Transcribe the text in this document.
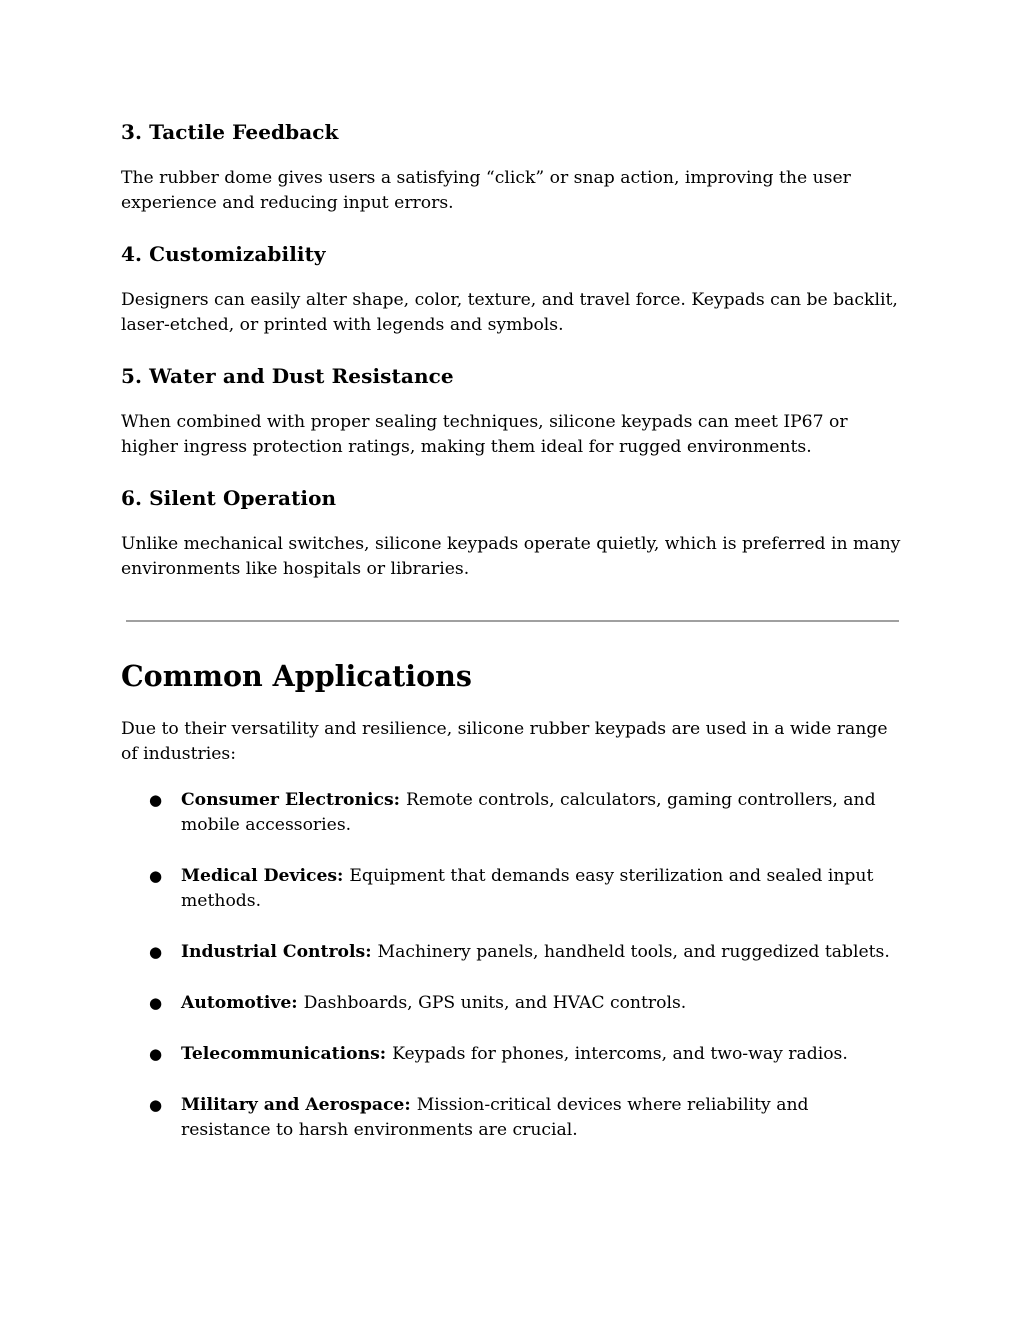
3. Tactile Feedback

The rubber dome gives users a satisfying “click” or snap action, improving the user experience and reducing input errors.

4. Customizability

Designers can easily alter shape, color, texture, and travel force. Keypads can be backlit, laser-etched, or printed with legends and symbols.

5. Water and Dust Resistance

When combined with proper sealing techniques, silicone keypads can meet IP67 or higher ingress protection ratings, making them ideal for rugged environments.

6. Silent Operation

Unlike mechanical switches, silicone keypads operate quietly, which is preferred in many environments like hospitals or libraries.

Common Applications

Due to their versatility and resilience, silicone rubber keypads are used in a wide range of industries:

● Consumer Electronics: Remote controls, calculators, gaming controllers, and mobile accessories.
● Medical Devices: Equipment that demands easy sterilization and sealed input methods.
● Industrial Controls: Machinery panels, handheld tools, and ruggedized tablets.
● Automotive: Dashboards, GPS units, and HVAC controls.
● Telecommunications: Keypads for phones, intercoms, and two-way radios.
● Military and Aerospace: Mission-critical devices where reliability and resistance to harsh environments are crucial.
